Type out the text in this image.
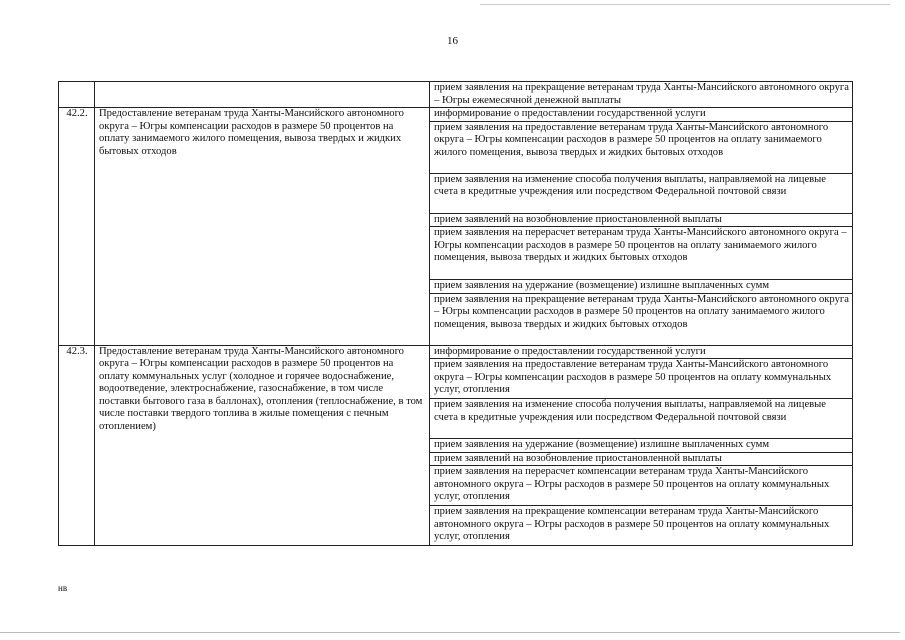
16
		прием заявления на прекращение ветеранам труда Ханты-Мансийского автономного округа – Югры ежемесячной денежной выплаты
42.2.	Предоставление ветеранам труда Ханты-Мансийского автономного округа – Югры компенсации расходов в размере 50 процентов на оплату занимаемого жилого помещения, вывоза твердых и жидких бытовых отходов	информирование о предоставлении государственной услуги
		прием заявления на предоставление ветеранам труда Ханты-Мансийского автономного округа – Югры компенсации расходов в размере 50 процентов на оплату занимаемого жилого помещения, вывоза твердых и жидких бытовых отходов
		прием заявления на изменение способа получения выплаты, направляемой на лицевые счета в кредитные учреждения или посредством Федеральной почтовой связи
		прием заявлений на возобновление приостановленной выплаты
		прием заявления на перерасчет ветеранам труда Ханты-Мансийского автономного округа – Югры компенсации расходов в размере 50 процентов на оплату занимаемого жилого помещения, вывоза твердых и жидких бытовых отходов
		прием заявления на удержание (возмещение) излишне выплаченных сумм
		прием заявления на прекращение ветеранам труда Ханты-Мансийского автономного округа – Югры компенсации расходов в размере 50 процентов на оплату занимаемого жилого помещения, вывоза твердых и жидких бытовых отходов
42.3.	Предоставление ветеранам труда Ханты-Мансийского автономного округа – Югры компенсации расходов в размере 50 процентов на оплату коммунальных услуг (холодное и горячее водоснабжение, водоотведение, электроснабжение, газоснабжение, в том числе поставки бытового газа в баллонах), отопления (теплоснабжение, в том числе поставки твердого топлива в жилые помещения с печным отоплением)	информирование о предоставлении государственной услуги
		прием заявления на предоставление ветеранам труда Ханты-Мансийского автономного округа – Югры компенсации расходов в размере 50 процентов на оплату коммунальных услуг, отопления
		прием заявления на изменение способа получения выплаты, направляемой на лицевые счета в кредитные учреждения или посредством Федеральной почтовой связи
		прием заявления на удержание (возмещение) излишне выплаченных сумм
		прием заявлений на возобновление приостановленной выплаты
		прием заявления на перерасчет компенсации ветеранам труда Ханты-Мансийского автономного округа – Югры расходов в размере 50 процентов на оплату коммунальных услуг, отопления
		прием заявления на прекращение компенсации ветеранам труда Ханты-Мансийского автономного округа – Югры расходов в размере 50 процентов на оплату коммунальных услуг, отопления
нв
